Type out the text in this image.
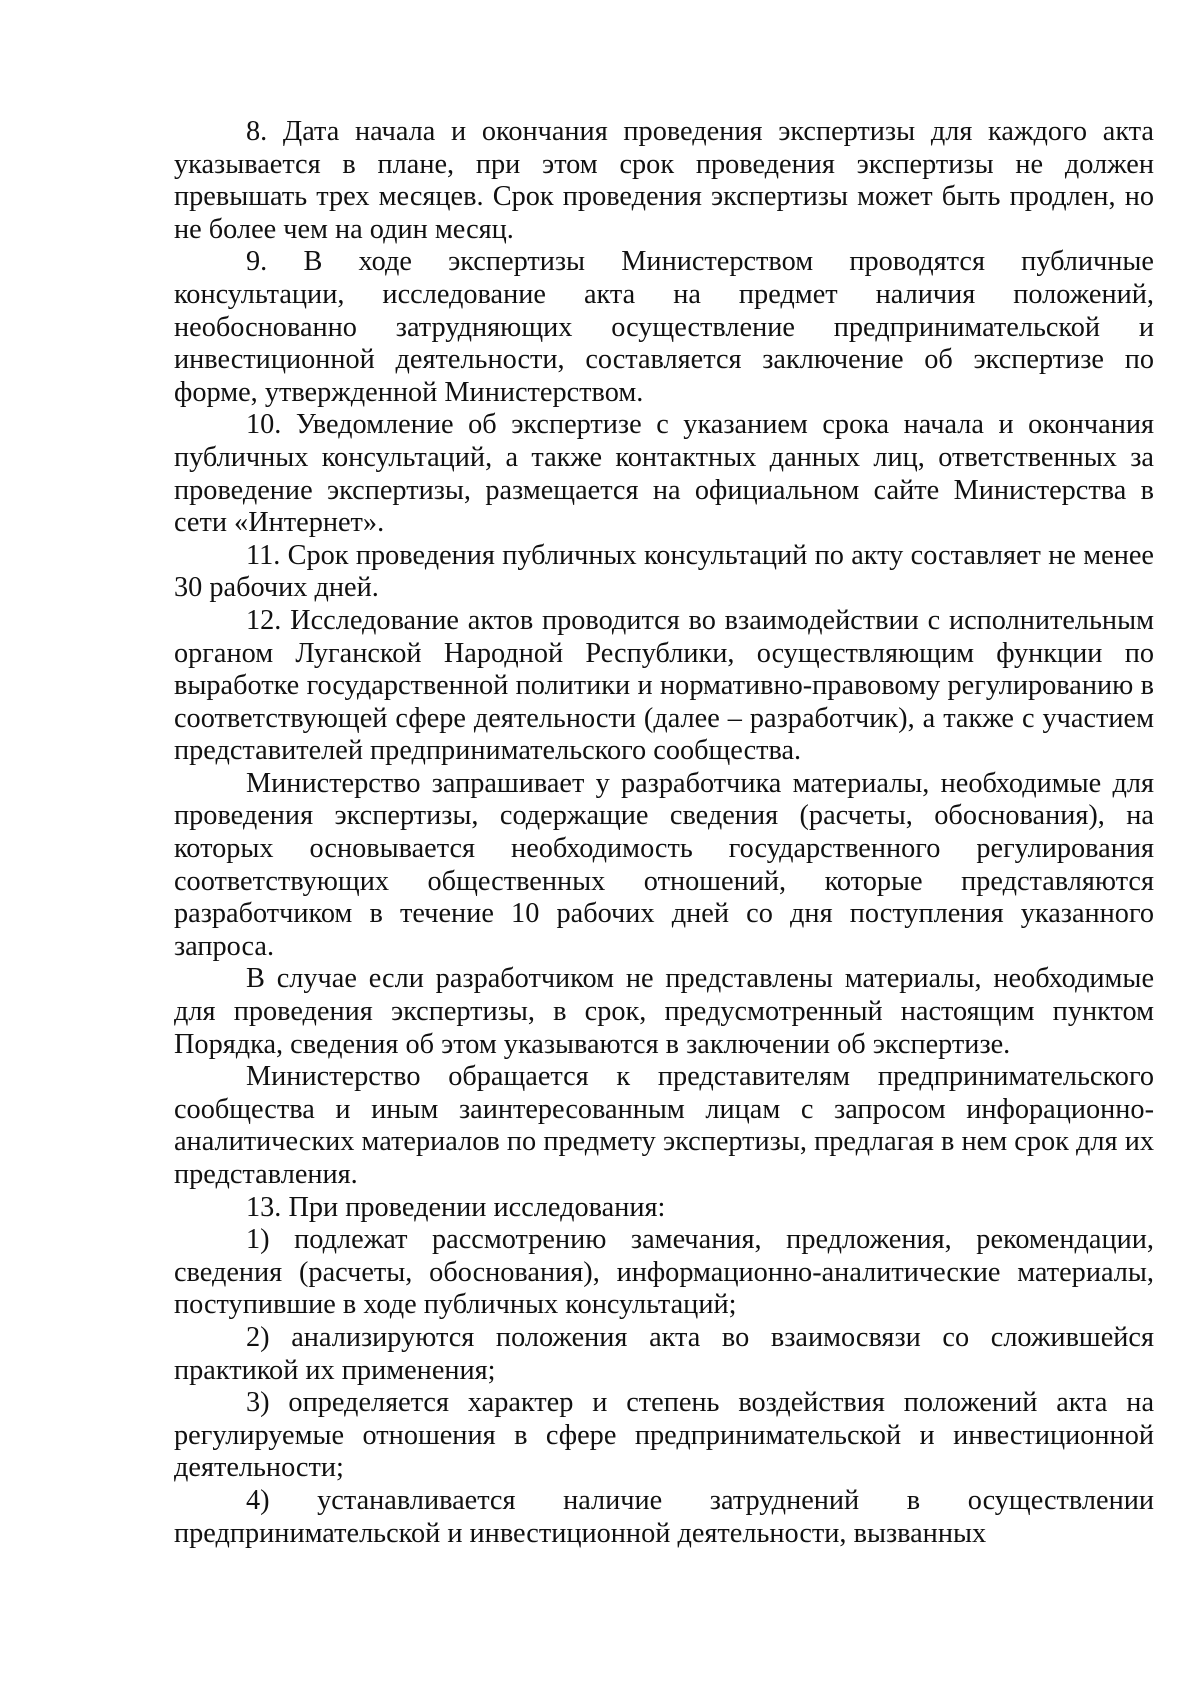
8. Дата начала и окончания проведения экспертизы для каждого акта указывается в плане, при этом срок проведения экспертизы не должен превышать трех месяцев. Срок проведения экспертизы может быть продлен, но не более чем на один месяц.

9. В ходе экспертизы Министерством проводятся публичные консультации, исследование акта на предмет наличия положений, необоснованно затрудняющих осуществление предпринимательской и инвестиционной деятельности, составляется заключение об экспертизе по форме, утвержденной Министерством.

10. Уведомление об экспертизе с указанием срока начала и окончания публичных консультаций, а также контактных данных лиц, ответственных за проведение экспертизы, размещается на официальном сайте Министерства в сети «Интернет».

11. Срок проведения публичных консультаций по акту составляет не менее 30 рабочих дней.

12. Исследование актов проводится во взаимодействии с исполнительным органом Луганской Народной Республики, осуществляющим функции по выработке государственной политики и нормативно-правовому регулированию в соответствующей сфере деятельности (далее – разработчик), а также с участием представителей предпринимательского сообщества.

Министерство запрашивает у разработчика материалы, необходимые для проведения экспертизы, содержащие сведения (расчеты, обоснования), на которых основывается необходимость государственного регулирования соответствующих общественных отношений, которые представляются разработчиком в течение 10 рабочих дней со дня поступления указанного запроса.

В случае если разработчиком не представлены материалы, необходимые для проведения экспертизы, в срок, предусмотренный настоящим пунктом Порядка, сведения об этом указываются в заключении об экспертизе.

Министерство обращается к представителям предпринимательского сообщества и иным заинтересованным лицам с запросом инфорационно-аналитических материалов по предмету экспертизы, предлагая в нем срок для их представления.

13. При проведении исследования:

1) подлежат рассмотрению замечания, предложения, рекомендации, сведения (расчеты, обоснования), информационно-аналитические материалы, поступившие в ходе публичных консультаций;

2) анализируются положения акта во взаимосвязи со сложившейся практикой их применения;

3) определяется характер и степень воздействия положений акта на регулируемые отношения в сфере предпринимательской и инвестиционной деятельности;

4) устанавливается наличие затруднений в осуществлении предпринимательской и инвестиционной деятельности, вызванных
